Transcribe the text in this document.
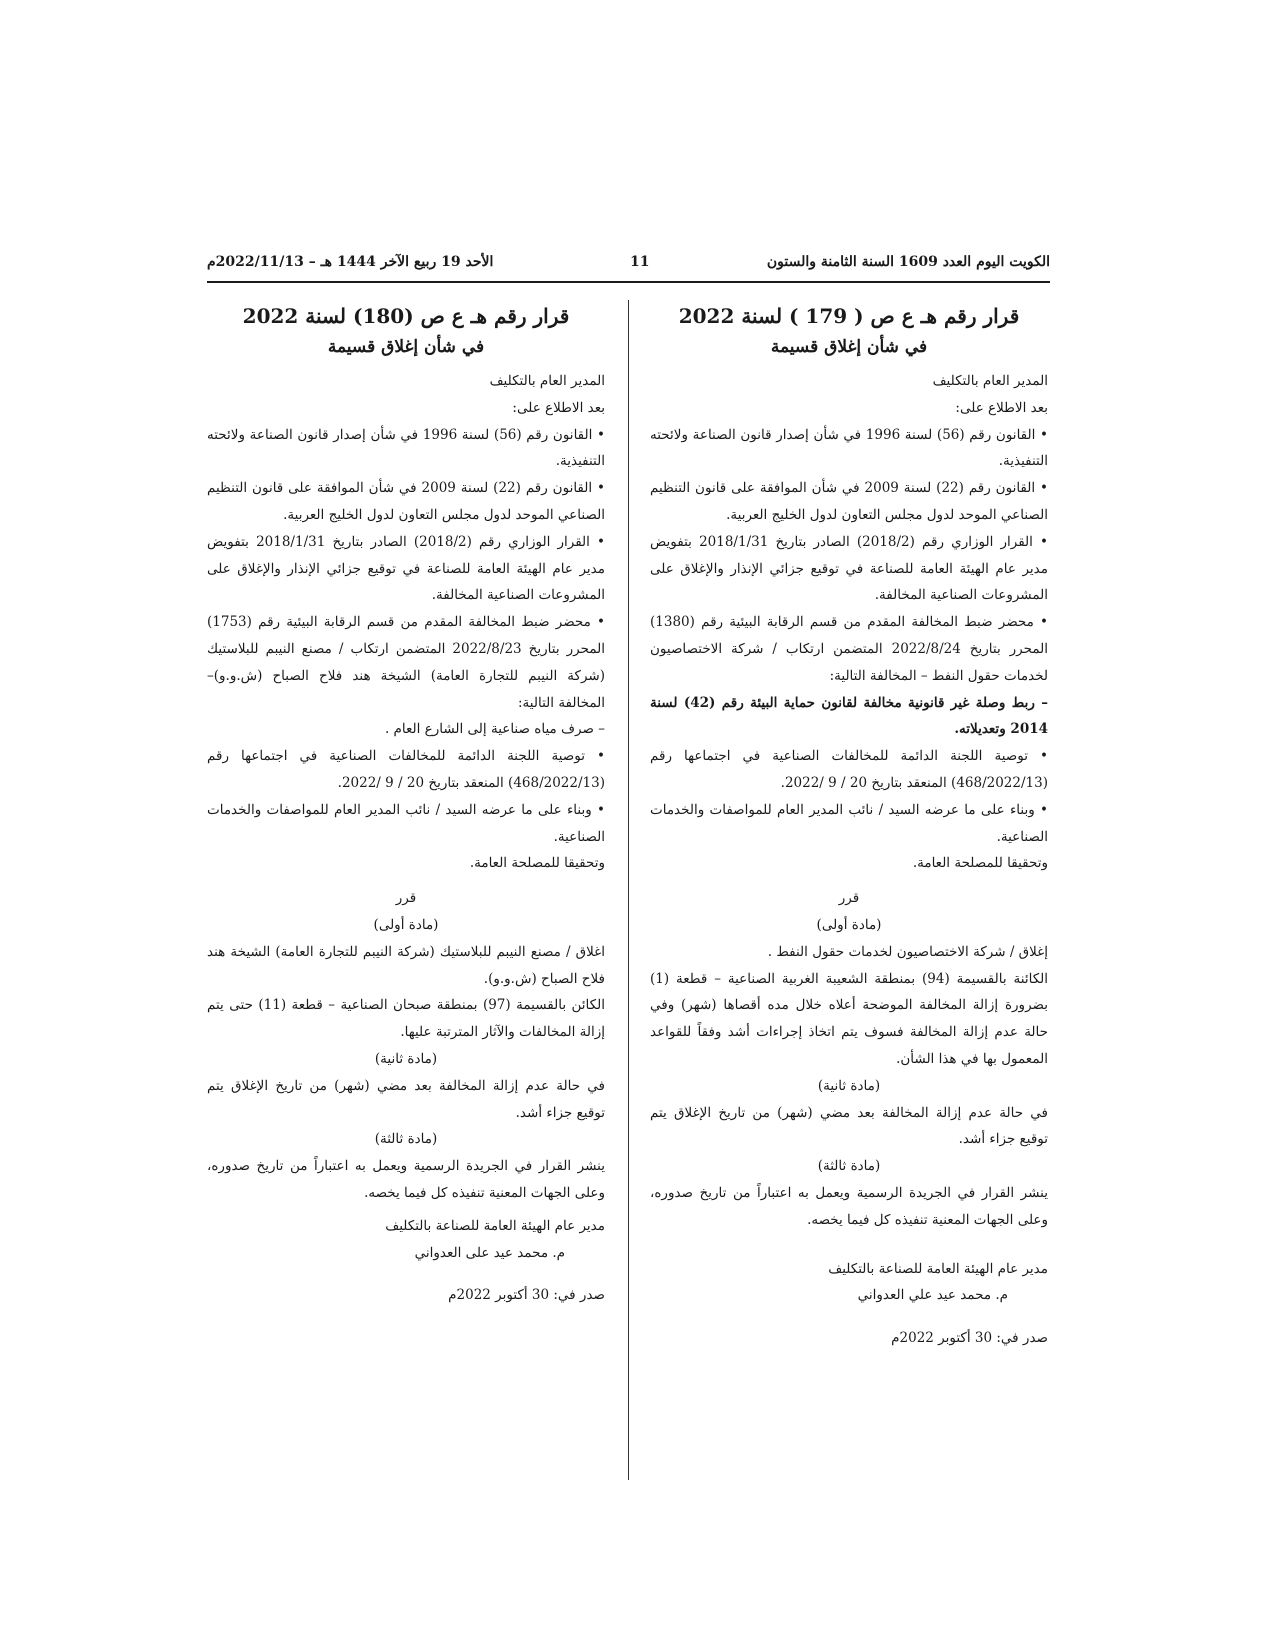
الكويت اليوم العدد 1609 السنة الثامنة والستون
11
الأحد 19 ربيع الآخر 1444 هـ – 2022/11/13م

قرار رقم هـ ع ص ( 179 ) لسنة 2022

في شأن إغلاق قسيمة

المدير العام بالتكليف

بعد الاطلاع على:

• القانون رقم (56) لسنة 1996 في شأن إصدار قانون الصناعة ولائحته التنفيذية.

• القانون رقم (22) لسنة 2009 في شأن الموافقة على قانون التنظيم الصناعي الموحد لدول مجلس التعاون لدول الخليج العربية.

• القرار الوزاري رقم (2018/2) الصادر بتاريخ 2018/1/31 بتفويض مدير عام الهيئة العامة للصناعة في توقيع جزائي الإنذار والإغلاق على المشروعات الصناعية المخالفة.

• محضر ضبط المخالفة المقدم من قسم الرقابة البيئية رقم (1380) المحرر بتاريخ 2022/8/24 المتضمن ارتكاب / شركة الاختصاصيون لخدمات حقول النفط – المخالفة التالية:

– ربط وصلة غير قانونية مخالفة لقانون حماية البيئة رقم (42) لسنة 2014 وتعديلاته.

• توصية اللجنة الدائمة للمخالفات الصناعية في اجتماعها رقم (468/2022/13) المنعقد بتاريخ 20 / 9 /2022.

• وبناء على ما عرضه السيد / نائب المدير العام للمواصفات والخدمات الصناعية.

وتحقيقا للمصلحة العامة.

قرر

(مادة أولى)

إغلاق / شركة الاختصاصيون لخدمات حقول النفط .

الكائنة بالقسيمة (94) بمنطقة الشعيبة الغربية الصناعية – قطعة (1) بضرورة إزالة المخالفة الموضحة أعلاه خلال مده أقصاها (شهر) وفي حالة عدم إزالة المخالفة فسوف يتم اتخاذ إجراءات أشد وفقاً للقواعد المعمول بها في هذا الشأن.

(مادة ثانية)

في حالة عدم إزالة المخالفة بعد مضي (شهر) من تاريخ الإغلاق يتم توقيع جزاء أشد.

(مادة ثالثة)

ينشر القرار في الجريدة الرسمية ويعمل به اعتباراً من تاريخ صدوره، وعلى الجهات المعنية تنفيذه كل فيما يخصه.

مدير عام الهيئة العامة للصناعة بالتكليف

م. محمد عيد علي العدواني

صدر في: 30 أكتوبر 2022م

قرار رقم هـ ع ص (180) لسنة 2022

في شأن إغلاق قسيمة

المدير العام بالتكليف

بعد الاطلاع على:

• القانون رقم (56) لسنة 1996 في شأن إصدار قانون الصناعة ولائحته التنفيذية.

• القانون رقم (22) لسنة 2009 في شأن الموافقة على قانون التنظيم الصناعي الموحد لدول مجلس التعاون لدول الخليج العربية.

• القرار الوزاري رقم (2018/2) الصادر بتاريخ 2018/1/31 بتفويض مدير عام الهيئة العامة للصناعة في توقيع جزائي الإنذار والإغلاق على المشروعات الصناعية المخالفة.

• محضر ضبط المخالفة المقدم من قسم الرقابة البيئية رقم (1753) المحرر بتاريخ 2022/8/23 المتضمن ارتكاب / مصنع النيبم للبلاستيك (شركة النيبم للتجارة العامة) الشيخة هند فلاح الصباح (ش.و.و)– المخالفة التالية:

– صرف مياه صناعية إلى الشارع العام .

• توصية اللجنة الدائمة للمخالفات الصناعية في اجتماعها رقم (468/2022/13) المنعقد بتاريخ 20 / 9 /2022.

• وبناء على ما عرضه السيد / نائب المدير العام للمواصفات والخدمات الصناعية.

وتحقيقا للمصلحة العامة.

قرر

(مادة أولى)

اغلاق / مصنع النيبم للبلاستيك (شركة النيبم للتجارة العامة) الشيخة هند فلاح الصباح (ش.و.و).

الكائن بالقسيمة (97) بمنطقة صبحان الصناعية – قطعة (11) حتى يتم إزالة المخالفات والآثار المترتبة عليها.

(مادة ثانية)

في حالة عدم إزالة المخالفة بعد مضي (شهر) من تاريخ الإغلاق يتم توقيع جزاء أشد.

(مادة ثالثة)

ينشر القرار في الجريدة الرسمية ويعمل به اعتباراً من تاريخ صدوره، وعلى الجهات المعنية تنفيذه كل فيما يخصه.

مدير عام الهيئة العامة للصناعة بالتكليف

م. محمد عيد على العدواني

صدر في: 30 أكتوبر 2022م
